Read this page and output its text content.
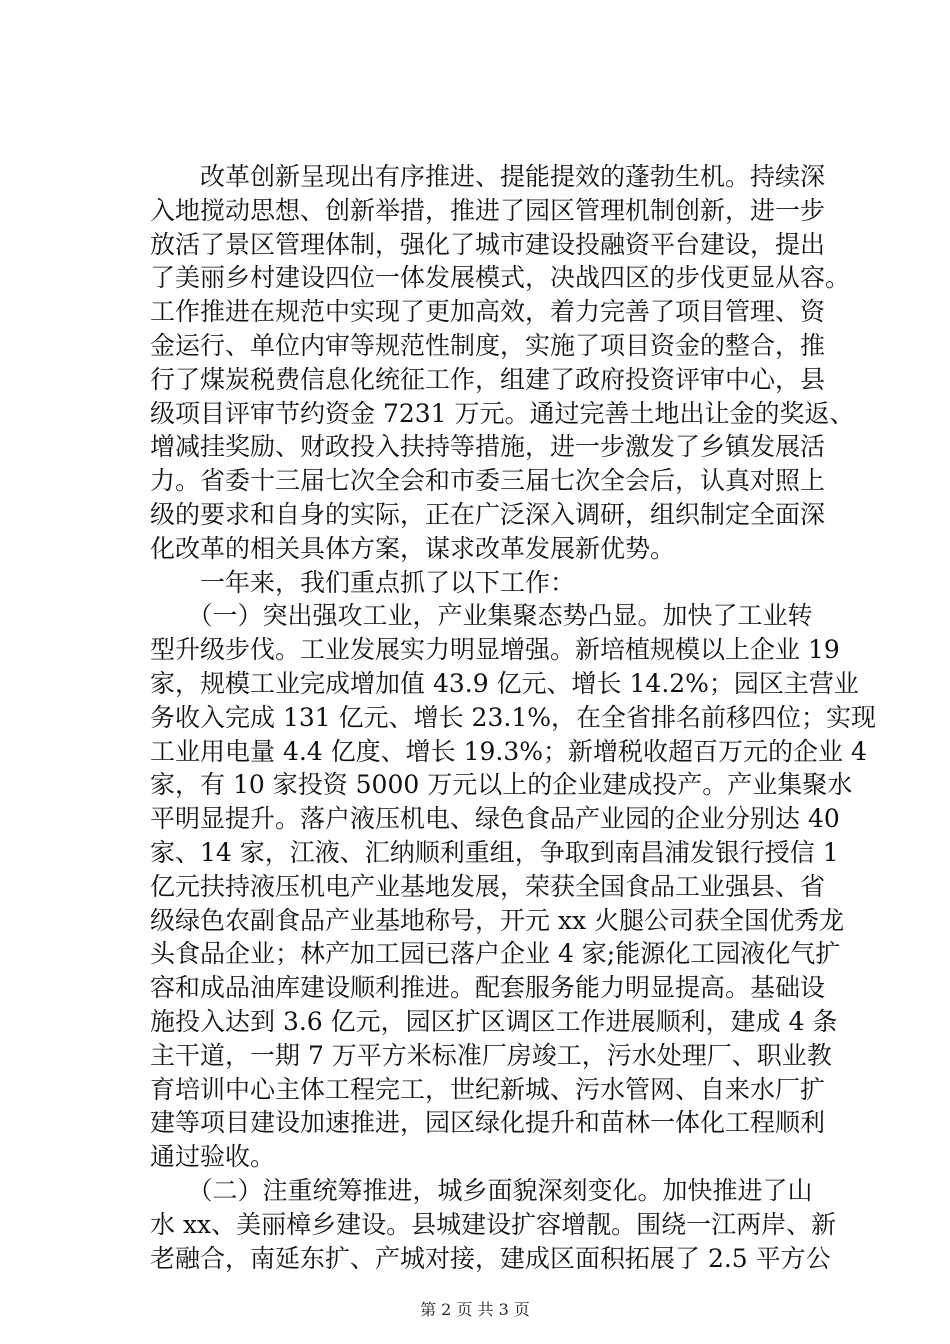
　　改革创新呈现出有序推进、提能提效的蓬勃生机。持续深
入地搅动思想、创新举措，推进了园区管理机制创新，进一步
放活了景区管理体制，强化了城市建设投融资平台建设，提出
了美丽乡村建设四位一体发展模式，决战四区的步伐更显从容。
工作推进在规范中实现了更加高效，着力完善了项目管理、资
金运行、单位内审等规范性制度，实施了项目资金的整合，推
行了煤炭税费信息化统征工作，组建了政府投资评审中心，县
级项目评审节约资金 7231 万元。通过完善土地出让金的奖返、
增减挂奖励、财政投入扶持等措施，进一步激发了乡镇发展活
力。省委十三届七次全会和市委三届七次全会后，认真对照上
级的要求和自身的实际，正在广泛深入调研，组织制定全面深
化改革的相关具体方案，谋求改革发展新优势。
　　一年来，我们重点抓了以下工作：
　　（一）突出强攻工业，产业集聚态势凸显。加快了工业转
型升级步伐。工业发展实力明显增强。新培植规模以上企业 19
家，规模工业完成增加值 43.9 亿元、增长 14.2%；园区主营业
务收入完成 131 亿元、增长 23.1%，在全省排名前移四位；实现
工业用电量 4.4 亿度、增长 19.3%；新增税收超百万元的企业 4
家，有 10 家投资 5000 万元以上的企业建成投产。产业集聚水
平明显提升。落户液压机电、绿色食品产业园的企业分别达 40
家、14 家，江液、汇纳顺利重组，争取到南昌浦发银行授信 1
亿元扶持液压机电产业基地发展，荣获全国食品工业强县、省
级绿色农副食品产业基地称号，开元 xx 火腿公司获全国优秀龙
头食品企业；林产加工园已落户企业 4 家;能源化工园液化气扩
容和成品油库建设顺利推进。配套服务能力明显提高。基础设
施投入达到 3.6 亿元，园区扩区调区工作进展顺利，建成 4 条
主干道，一期 7 万平方米标准厂房竣工，污水处理厂、职业教
育培训中心主体工程完工，世纪新城、污水管网、自来水厂扩
建等项目建设加速推进，园区绿化提升和苗林一体化工程顺利
通过验收。
　　（二）注重统筹推进，城乡面貌深刻变化。加快推进了山
水 xx、美丽樟乡建设。县城建设扩容增靓。围绕一江两岸、新
老融合，南延东扩、产城对接，建成区面积拓展了 2.5 平方公
第 2 页 共 3 页
